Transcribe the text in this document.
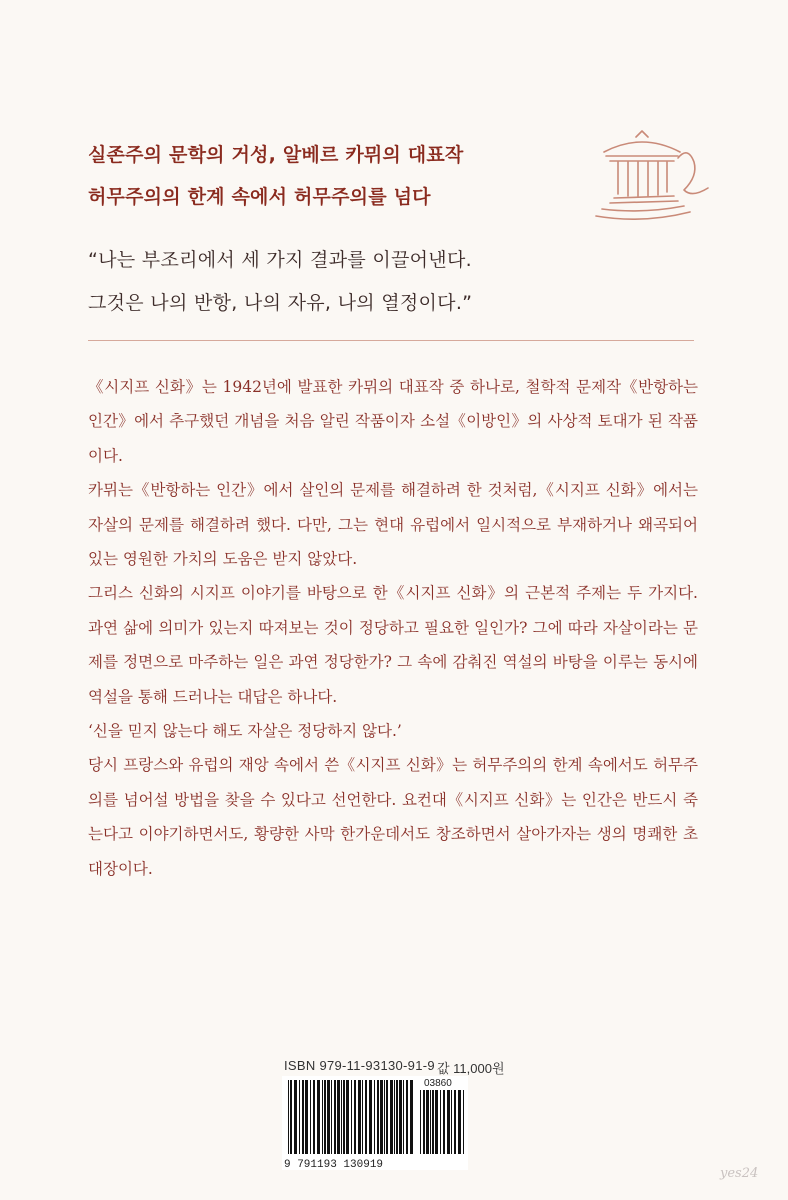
실존주의 문학의 거성, 알베르 카뮈의 대표작
허무주의의 한계 속에서 허무주의를 넘다
“나는 부조리에서 세 가지 결과를 이끌어낸다.
그것은 나의 반항, 나의 자유, 나의 열정이다.”

《시지프 신화》는 1942년에 발표한 카뮈의 대표작 중 하나로, 철학적 문제작《반항하는 인간》에서 추구했던 개념을 처음 알린 작품이자 소설《이방인》의 사상적 토대가 된 작품이다.

카뮈는《반항하는 인간》에서 살인의 문제를 해결하려 한 것처럼,《시지프 신화》에서는 자살의 문제를 해결하려 했다. 다만, 그는 현대 유럽에서 일시적으로 부재하거나 왜곡되어 있는 영원한 가치의 도움은 받지 않았다.

그리스 신화의 시지프 이야기를 바탕으로 한《시지프 신화》의 근본적 주제는 두 가지다. 과연 삶에 의미가 있는지 따져보는 것이 정당하고 필요한 일인가? 그에 따라 자살이라는 문제를 정면으로 마주하는 일은 과연 정당한가? 그 속에 감춰진 역설의 바탕을 이루는 동시에 역설을 통해 드러나는 대답은 하나다.

‘신을 믿지 않는다 해도 자살은 정당하지 않다.’

당시 프랑스와 유럽의 재앙 속에서 쓴《시지프 신화》는 허무주의의 한계 속에서도 허무주의를 넘어설 방법을 찾을 수 있다고 선언한다. 요컨대《시지프 신화》는 인간은 반드시 죽는다고 이야기하면서도, 황량한 사막 한가운데서도 창조하면서 살아가자는 생의 명쾌한 초대장이다.

ISBN 979-11-93130-91-9 값 11,000원
03860
9 791193 130919
yes24
